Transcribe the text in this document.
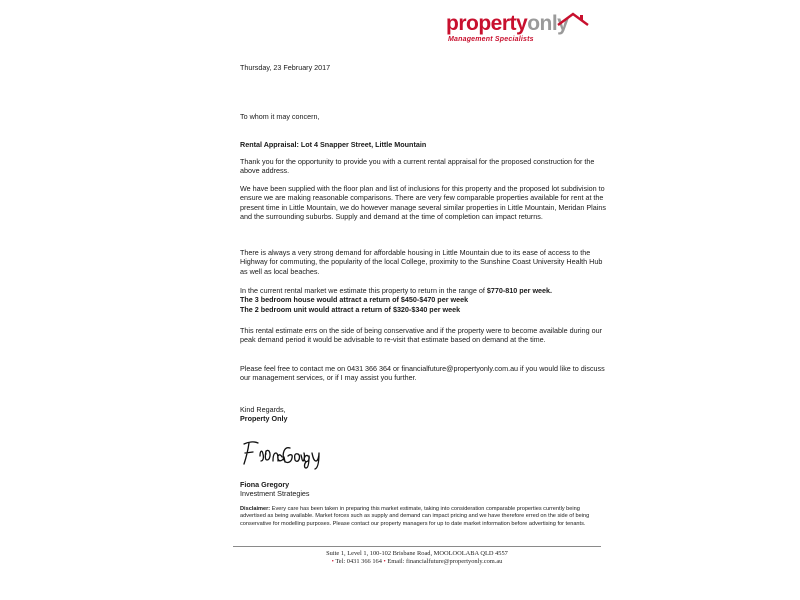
propertyonly
Management Specialists
Thursday, 23 February 2017
To whom it may concern,
Rental Appraisal: Lot 4 Snapper Street, Little Mountain
Thank you for the opportunity to provide you with a current rental appraisal for the proposed construction for the above address.
We have been supplied with the floor plan and list of inclusions for this property and the proposed lot subdivision to ensure we are making reasonable comparisons. There are very few comparable properties available for rent at the present time in Little Mountain, we do however manage several similar properties in Little Mountain, Meridan Plains and the surrounding suburbs. Supply and demand at the time of completion can impact returns.
There is always a very strong demand for affordable housing in Little Mountain due to its ease of access to the Highway for commuting, the popularity of the local College, proximity to the Sunshine Coast University Health Hub as well as local beaches.
In the current rental market we estimate this property to return in the range of $770-810 per week.
The 3 bedroom house would attract a return of $450-$470 per week
The 2 bedroom unit would attract a return of $320-$340 per week
This rental estimate errs on the side of being conservative and if the property were to become available during our peak demand period it would be advisable to re-visit that estimate based on demand at the time.
Please feel free to contact me on 0431 366 364 or financialfuture@propertyonly.com.au if you would like to discuss our management services, or if I may assist you further.
Kind Regards,
Property Only
Fiona Gregory
Investment Strategies
Disclaimer: Every care has been taken in preparing this market estimate, taking into consideration comparable properties currently being advertised as being available. Market forces such as supply and demand can impact pricing and we have therefore erred on the side of being conservative for modelling purposes. Please contact our property managers for up to date market information before advertising for tenants.
Suite 1, Level 1, 100-102 Brisbane Road, MOOLOOLABA QLD 4557
• Tel: 0431 366 164 • Email: financialfuture@propertyonly.com.au
